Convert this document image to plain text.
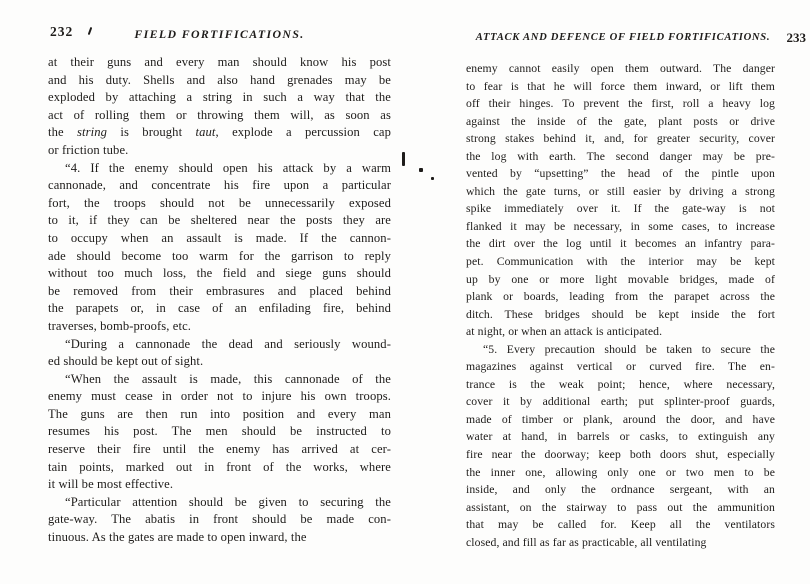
232	FIELD FORTIFICATIONS.	ATTACK AND DEFENCE OF FIELD FORTIFICATIONS.	233
at their guns and every man should know his post
and his duty. Shells and also hand grenades may be
exploded by attaching a string in such a way that the
act of rolling them or throwing them will, as soon as
the string is brought taut, explode a percussion cap
or friction tube.
“4. If the enemy should open his attack by a warm
cannonade, and concentrate his fire upon a particular
fort, the troops should not be unnecessarily exposed
to it, if they can be sheltered near the posts they are
to occupy when an assault is made. If the cannon-
ade should become too warm for the garrison to reply
without too much loss, the field and siege guns should
be removed from their embrasures and placed behind
the parapets or, in case of an enfilading fire, behind
traverses, bomb-proofs, etc.
“During a cannonade the dead and seriously wound-
ed should be kept out of sight.
“When the assault is made, this cannonade of the
enemy must cease in order not to injure his own troops.
The guns are then run into position and every man
resumes his post. The men should be instructed to
reserve their fire until the enemy has arrived at cer-
tain points, marked out in front of the works, where
it will be most effective.
“Particular attention should be given to securing the
gate-way. The abatis in front should be made con-
tinuous. As the gates are made to open inward, the
enemy cannot easily open them outward. The danger
to fear is that he will force them inward, or lift them
off their hinges. To prevent the first, roll a heavy log
against the inside of the gate, plant posts or drive
strong stakes behind it, and, for greater security, cover
the log with earth. The second danger may be pre-
vented by “upsetting” the head of the pintle upon
which the gate turns, or still easier by driving a strong
spike immediately over it. If the gate-way is not
flanked it may be necessary, in some cases, to increase
the dirt over the log until it becomes an infantry para-
pet. Communication with the interior may be kept
up by one or more light movable bridges, made of
plank or boards, leading from the parapet across the
ditch. These bridges should be kept inside the fort
at night, or when an attack is anticipated.
“5. Every precaution should be taken to secure the
magazines against vertical or curved fire. The en-
trance is the weak point; hence, where necessary,
cover it by additional earth; put splinter-proof guards,
made of timber or plank, around the door, and have
water at hand, in barrels or casks, to extinguish any
fire near the doorway; keep both doors shut, especially
the inner one, allowing only one or two men to be
inside, and only the ordnance sergeant, with an
assistant, on the stairway to pass out the ammunition
that may be called for. Keep all the ventilators
closed, and fill as far as practicable, all ventilating
